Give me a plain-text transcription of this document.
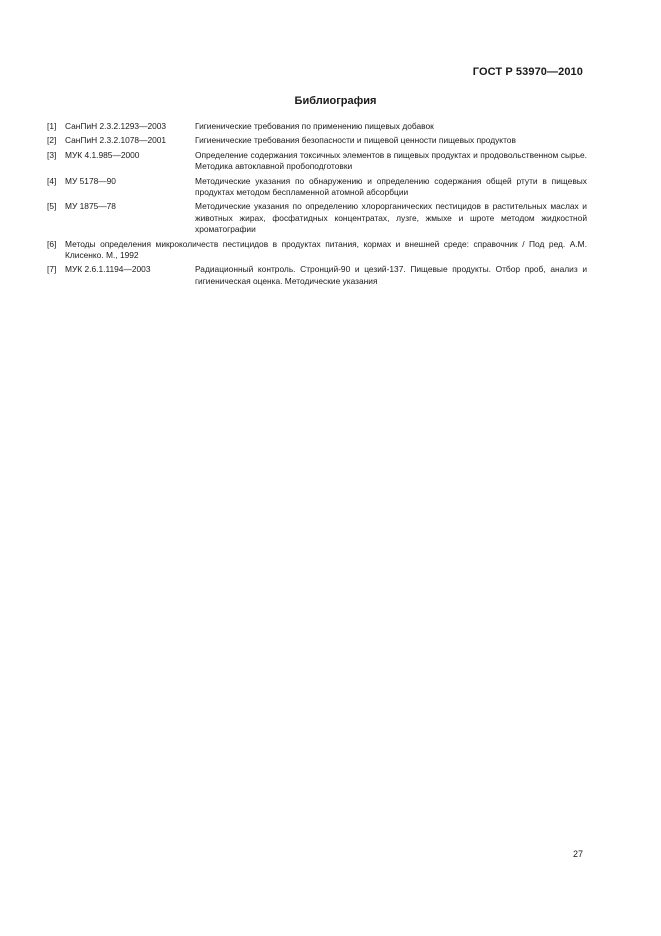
ГОСТ Р 53970—2010
Библиография
[1]	СанПиН 2.3.2.1293—2003	Гигиенические требования по применению пищевых добавок
[2]	СанПиН 2.3.2.1078—2001	Гигиенические требования безопасности и пищевой ценности пищевых продуктов
[3]	МУК 4.1.985—2000	Определение содержания токсичных элементов в пищевых продуктах и продовольственном сырье. Методика автоклавной пробоподготовки
[4]	МУ 5178—90	Методические указания по обнаружению и определению содержания общей ртути в пищевых продуктах методом беспламенной атомной абсорбции
[5]	МУ 1875—78	Методические указания по определению хлорорганических пестицидов в растительных маслах и животных жирах, фосфатидных концентратах, лузге, жмыхе и шроте методом жидкостной хроматографии
[6]	Методы определения микроколичеств пестицидов в продуктах питания, кормах и внешней среде: справочник / Под ред. А.М. Клисенко. М., 1992
[7]	МУК 2.6.1.1194—2003	Радиационный контроль. Стронций-90 и цезий-137. Пищевые продукты. Отбор проб, анализ и гигиеническая оценка. Методические указания
27
